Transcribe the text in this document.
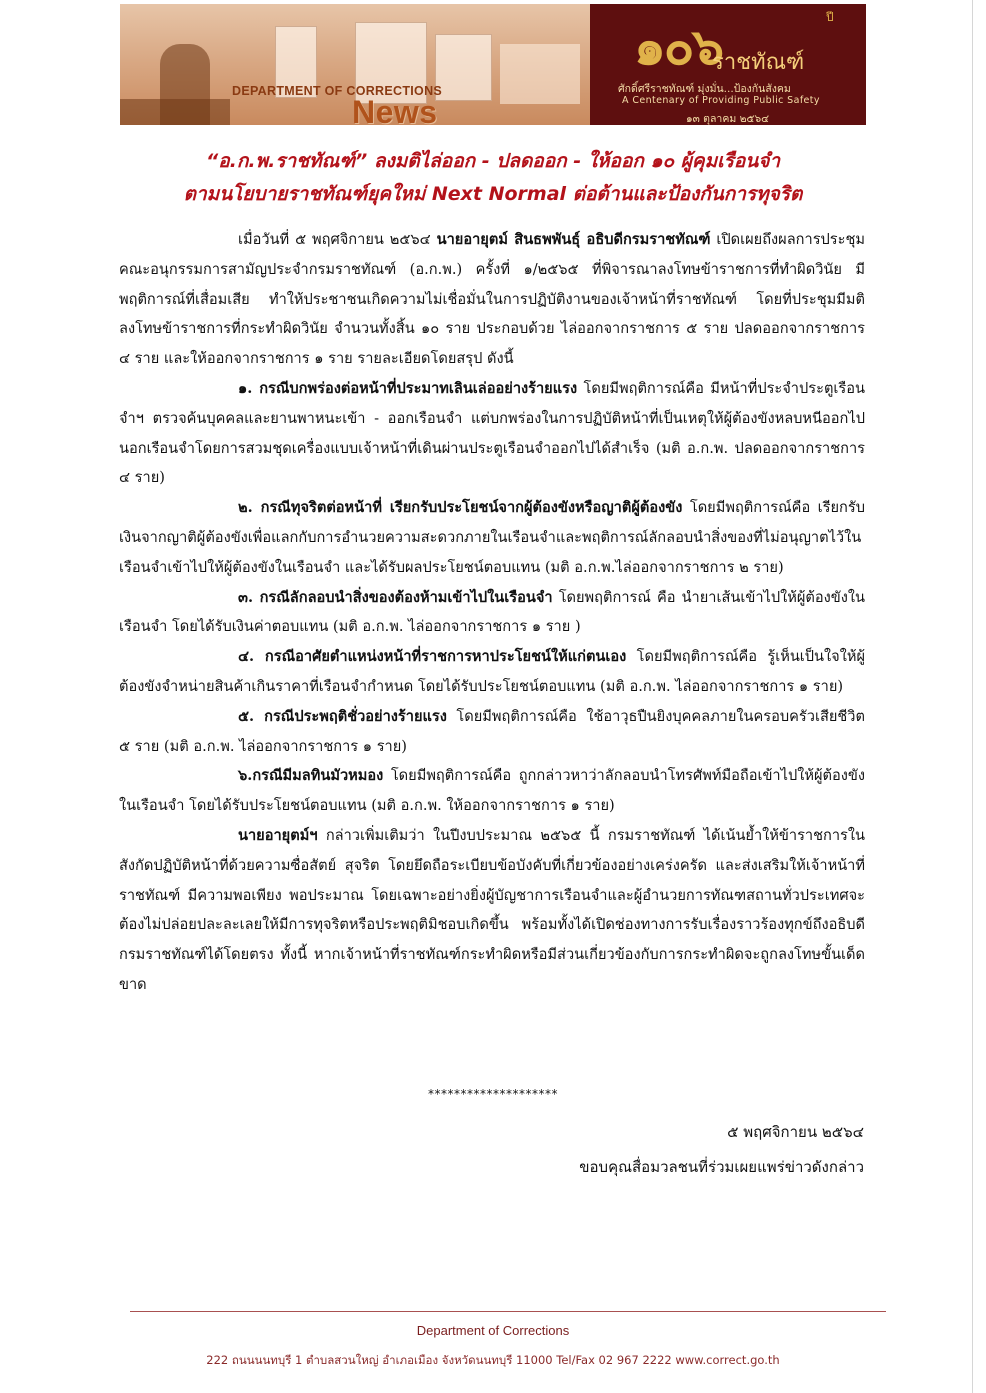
DEPARTMENT OF CORRECTIONS
News
๑๐๖	ปี
ราชทัณฑ์
ศักดิ์ศรีราชทัณฑ์ มุ่งมั่น...ป้องกันสังคม
A Centenary of Providing Public Safety
๑๓ ตุลาคม ๒๕๖๔
“อ.ก.พ.ราชทัณฑ์” ลงมติไล่ออก - ปลดออก - ให้ออก ๑๐ ผู้คุมเรือนจำ
ตามนโยบายราชทัณฑ์ยุคใหม่ Next Normal ต่อต้านและป้องกันการทุจริต

เมื่อวันที่ ๕ พฤศจิกายน ๒๕๖๔ นายอายุตม์ สินธพพันธุ์ อธิบดีกรมราชทัณฑ์ เปิดเผยถึงผลการประชุมคณะอนุกรรมการสามัญประจำกรมราชทัณฑ์ (อ.ก.พ.) ครั้งที่ ๑/๒๕๖๕ ที่พิจารณาลงโทษข้าราชการที่ทำผิดวินัย มีพฤติการณ์ที่เสื่อมเสีย ทำให้ประชาชนเกิดความไม่เชื่อมั่นในการปฏิบัติงานของเจ้าหน้าที่ราชทัณฑ์ โดยที่ประชุมมีมติลงโทษข้าราชการที่กระทำผิดวินัย จำนวนทั้งสิ้น ๑๐ ราย ประกอบด้วย ไล่ออกจากราชการ ๕ ราย ปลดออกจากราชการ ๔ ราย และให้ออกจากราชการ ๑ ราย รายละเอียดโดยสรุป ดังนี้

๑. กรณีบกพร่องต่อหน้าที่ประมาทเลินเล่ออย่างร้ายแรง โดยมีพฤติการณ์คือ มีหน้าที่ประจำประตูเรือนจำฯ ตรวจค้นบุคคลและยานพาหนะเข้า - ออกเรือนจำ แต่บกพร่องในการปฏิบัติหน้าที่เป็นเหตุให้ผู้ต้องขังหลบหนีออกไปนอกเรือนจำโดยการสวมชุดเครื่องแบบเจ้าหน้าที่เดินผ่านประตูเรือนจำออกไปได้สำเร็จ (มติ อ.ก.พ. ปลดออกจากราชการ ๔ ราย)

๒. กรณีทุจริตต่อหน้าที่ เรียกรับประโยชน์จากผู้ต้องขังหรือญาติผู้ต้องขัง โดยมีพฤติการณ์คือ เรียกรับเงินจากญาติผู้ต้องขังเพื่อแลกกับการอำนวยความสะดวกภายในเรือนจำและพฤติการณ์ลักลอบนำสิ่งของที่ไม่อนุญาตไว้ในเรือนจำเข้าไปให้ผู้ต้องขังในเรือนจำ และได้รับผลประโยชน์ตอบแทน (มติ อ.ก.พ.ไล่ออกจากราชการ ๒ ราย)

๓. กรณีลักลอบนำสิ่งของต้องห้ามเข้าไปในเรือนจำ โดยพฤติการณ์ คือ นำยาเส้นเข้าไปให้ผู้ต้องขังในเรือนจำ โดยได้รับเงินค่าตอบแทน (มติ อ.ก.พ. ไล่ออกจากราชการ ๑ ราย )

๔. กรณีอาศัยตำแหน่งหน้าที่ราชการหาประโยชน์ให้แก่ตนเอง โดยมีพฤติการณ์คือ รู้เห็นเป็นใจให้ผู้ต้องขังจำหน่ายสินค้าเกินราคาที่เรือนจำกำหนด โดยได้รับประโยชน์ตอบแทน (มติ อ.ก.พ. ไล่ออกจากราชการ ๑ ราย)

๕. กรณีประพฤติชั่วอย่างร้ายแรง โดยมีพฤติการณ์คือ ใช้อาวุธปืนยิงบุคคลภายในครอบครัวเสียชีวิต ๕ ราย (มติ อ.ก.พ. ไล่ออกจากราชการ ๑ ราย)

๖.กรณีมีมลทินมัวหมอง โดยมีพฤติการณ์คือ ถูกกล่าวหาว่าลักลอบนำโทรศัพท์มือถือเข้าไปให้ผู้ต้องขังในเรือนจำ โดยได้รับประโยชน์ตอบแทน (มติ อ.ก.พ. ให้ออกจากราชการ ๑ ราย)

นายอายุตม์ฯ กล่าวเพิ่มเติมว่า ในปีงบประมาณ ๒๕๖๕ นี้ กรมราชทัณฑ์ ได้เน้นย้ำให้ข้าราชการในสังกัดปฏิบัติหน้าที่ด้วยความซื่อสัตย์ สุจริต โดยยึดถือระเบียบข้อบังคับที่เกี่ยวข้องอย่างเคร่งครัด และส่งเสริมให้เจ้าหน้าที่ราชทัณฑ์ มีความพอเพียง พอประมาณ โดยเฉพาะอย่างยิ่งผู้บัญชาการเรือนจำและผู้อำนวยการทัณฑสถานทั่วประเทศจะต้องไม่ปล่อยปละละเลยให้มีการทุจริตหรือประพฤติมิชอบเกิดขึ้น พร้อมทั้งได้เปิดช่องทางการรับเรื่องราวร้องทุกข์ถึงอธิบดีกรมราชทัณฑ์ได้โดยตรง ทั้งนี้ หากเจ้าหน้าที่ราชทัณฑ์กระทำผิดหรือมีส่วนเกี่ยวข้องกับการกระทำผิดจะถูกลงโทษขั้นเด็ดขาด

********************
๕ พฤศจิกายน ๒๕๖๔
ขอบคุณสื่อมวลชนที่ร่วมเผยแพร่ข่าวดังกล่าว
Department of Corrections
222 ถนนนนทบุรี 1 ตำบลสวนใหญ่ อำเภอเมือง จังหวัดนนทบุรี 11000 Tel/Fax 02 967 2222 www.correct.go.th
